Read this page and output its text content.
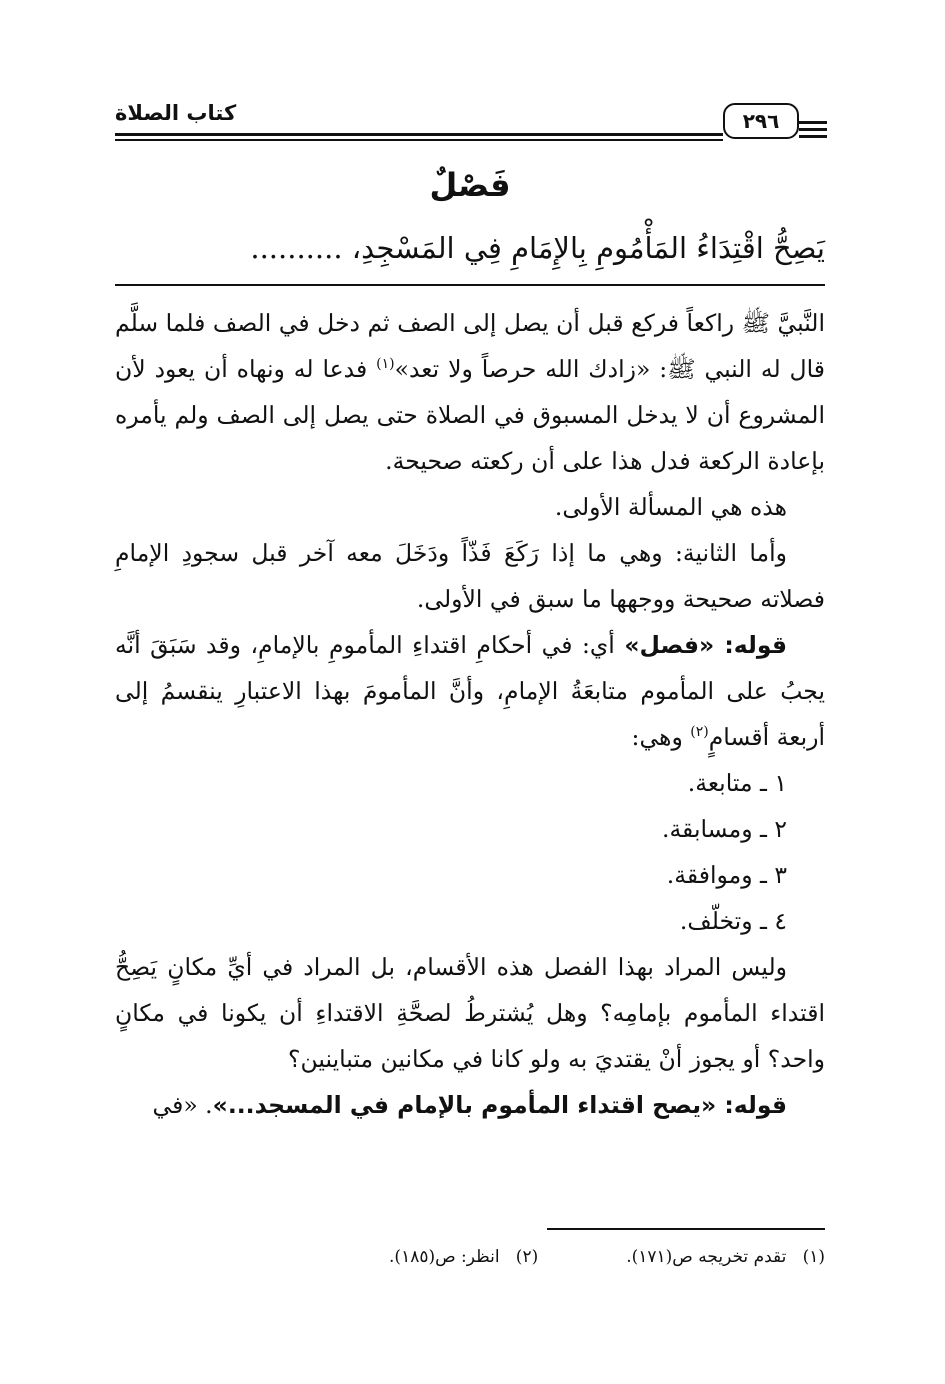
كتاب الصلاة	٢٩٦
فَصْلٌ
يَصِحُّ اقْتِدَاءُ المَأْمُومِ بِالإِمَامِ فِي المَسْجِدِ، ..........

النَّبيَّ ﷺ راكعاً فركع قبل أن يصل إلى الصف ثم دخل في الصف فلما سلَّم قال له النبي ﷺ: «زادك الله حرصاً ولا تعد»$^{(١)}$ فدعا له ونهاه أن يعود لأن المشروع أن لا يدخل المسبوق في الصلاة حتى يصل إلى الصف ولم يأمره بإعادة الركعة فدل هذا على أن ركعته صحيحة.

هذه هي المسألة الأولى.

وأما الثانية: وهي ما إذا رَكَعَ فَذّاً ودَخَلَ معه آخر قبل سجودِ الإمامِ فصلاته صحيحة ووجهها ما سبق في الأولى.

قوله: «فصل» أي: في أحكامِ اقتداءِ المأمومِ بالإمامِ، وقد سَبَقَ أنَّه يجبُ على المأموم متابعَةُ الإمامِ، وأنَّ المأمومَ بهذا الاعتبارِ ينقسمُ إلى أربعة أقسامٍ$^{(٢)}$ وهي:

١ ـ متابعة.

٢ ـ ومسابقة.

٣ ـ وموافقة.

٤ ـ وتخلّف.

وليس المراد بهذا الفصل هذه الأقسام، بل المراد في أيِّ مكانٍ يَصِحُّ اقتداء المأموم بإمامِه؟ وهل يُشترطُ لصحَّةِ الاقتداءِ أن يكونا في مكانٍ واحد؟ أو يجوز أنْ يقتديَ به ولو كانا في مكانين متباينين؟

قوله: «يصح اقتداء المأموم بالإمام في المسجد...». «في

(١)   تقدم تخريجه ص(١٧١).(٢)   انظر: ص(١٨٥).
